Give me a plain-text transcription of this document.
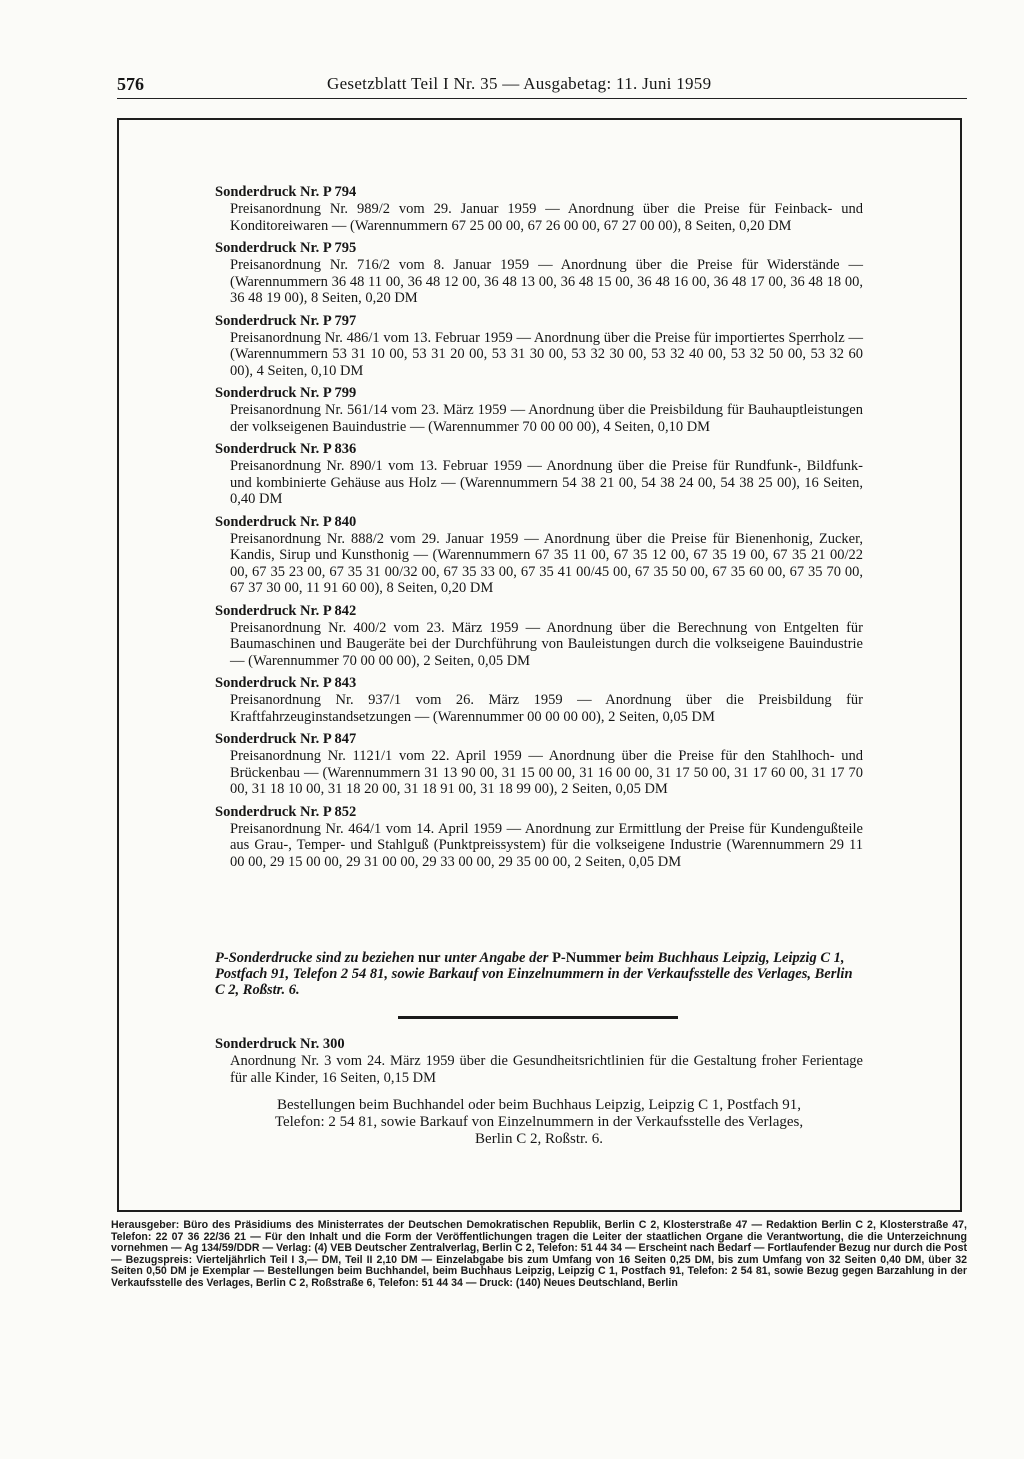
576	Gesetzblatt Teil I Nr. 35 — Ausgabetag: 11. Juni 1959
Sonderdruck Nr. P 794
Preisanordnung Nr. 989/2 vom 29. Januar 1959 — Anordnung über die Preise für Feinback- und Konditoreiwaren — (Warennummern 67 25 00 00, 67 26 00 00, 67 27 00 00), 8 Seiten, 0,20 DM
Sonderdruck Nr. P 795
Preisanordnung Nr. 716/2 vom 8. Januar 1959 — Anordnung über die Preise für Widerstände — (Warennummern 36 48 11 00, 36 48 12 00, 36 48 13 00, 36 48 15 00, 36 48 16 00, 36 48 17 00, 36 48 18 00, 36 48 19 00), 8 Seiten, 0,20 DM
Sonderdruck Nr. P 797
Preisanordnung Nr. 486/1 vom 13. Februar 1959 — Anordnung über die Preise für importiertes Sperrholz — (Warennummern 53 31 10 00, 53 31 20 00, 53 31 30 00, 53 32 30 00, 53 32 40 00, 53 32 50 00, 53 32 60 00), 4 Seiten, 0,10 DM
Sonderdruck Nr. P 799
Preisanordnung Nr. 561/14 vom 23. März 1959 — Anordnung über die Preisbildung für Bauhauptleistungen der volkseigenen Bauindustrie — (Warennummer 70 00 00 00), 4 Seiten, 0,10 DM
Sonderdruck Nr. P 836
Preisanordnung Nr. 890/1 vom 13. Februar 1959 — Anordnung über die Preise für Rundfunk-, Bildfunk- und kombinierte Gehäuse aus Holz — (Warennummern 54 38 21 00, 54 38 24 00, 54 38 25 00), 16 Seiten, 0,40 DM
Sonderdruck Nr. P 840
Preisanordnung Nr. 888/2 vom 29. Januar 1959 — Anordnung über die Preise für Bienenhonig, Zucker, Kandis, Sirup und Kunsthonig — (Warennummern 67 35 11 00, 67 35 12 00, 67 35 19 00, 67 35 21 00/22 00, 67 35 23 00, 67 35 31 00/32 00, 67 35 33 00, 67 35 41 00/45 00, 67 35 50 00, 67 35 60 00, 67 35 70 00, 67 37 30 00, 11 91 60 00), 8 Seiten, 0,20 DM
Sonderdruck Nr. P 842
Preisanordnung Nr. 400/2 vom 23. März 1959 — Anordnung über die Berechnung von Entgelten für Baumaschinen und Baugeräte bei der Durchführung von Bauleistungen durch die volkseigene Bauindustrie — (Warennummer 70 00 00 00), 2 Seiten, 0,05 DM
Sonderdruck Nr. P 843
Preisanordnung Nr. 937/1 vom 26. März 1959 — Anordnung über die Preisbildung für Kraftfahrzeuginstandsetzungen — (Warennummer 00 00 00 00), 2 Seiten, 0,05 DM
Sonderdruck Nr. P 847
Preisanordnung Nr. 1121/1 vom 22. April 1959 — Anordnung über die Preise für den Stahlhoch- und Brückenbau — (Warennummern 31 13 90 00, 31 15 00 00, 31 16 00 00, 31 17 50 00, 31 17 60 00, 31 17 70 00, 31 18 10 00, 31 18 20 00, 31 18 91 00, 31 18 99 00), 2 Seiten, 0,05 DM
Sonderdruck Nr. P 852
Preisanordnung Nr. 464/1 vom 14. April 1959 — Anordnung zur Ermittlung der Preise für Kundengußteile aus Grau-, Temper- und Stahlguß (Punktpreissystem) für die volkseigene Industrie (Warennummern 29 11 00 00, 29 15 00 00, 29 31 00 00, 29 33 00 00, 29 35 00 00, 2 Seiten, 0,05 DM
P-Sonderdrucke sind zu beziehen nur unter Angabe der P-Nummer beim Buchhaus Leipzig, Leipzig C 1, Postfach 91, Telefon 2 54 81, sowie Barkauf von Einzelnummern in der Verkaufsstelle des Verlages, Berlin C 2, Roßstr. 6.
Sonderdruck Nr. 300
Anordnung Nr. 3 vom 24. März 1959 über die Gesundheitsrichtlinien für die Gestaltung froher Ferientage für alle Kinder, 16 Seiten, 0,15 DM
Bestellungen beim Buchhandel oder beim Buchhaus Leipzig, Leipzig C 1, Postfach 91,
Telefon: 2 54 81, sowie Barkauf von Einzelnummern in der Verkaufsstelle des Verlages,
Berlin C 2, Roßstr. 6.
Herausgeber: Büro des Präsidiums des Ministerrates der Deutschen Demokratischen Republik, Berlin C 2, Klosterstraße 47 — Redaktion Berlin C 2, Klosterstraße 47, Telefon: 22 07 36 22/36 21 — Für den Inhalt und die Form der Veröffentlichungen tragen die Leiter der staatlichen Organe die Verantwortung, die die Unterzeichnung vornehmen — Ag 134/59/DDR — Verlag: (4) VEB Deutscher Zentralverlag, Berlin C 2, Telefon: 51 44 34 — Erscheint nach Bedarf — Fortlaufender Bezug nur durch die Post — Bezugspreis: Vierteljährlich Teil I 3,— DM, Teil II 2,10 DM — Einzelabgabe bis zum Umfang von 16 Seiten 0,25 DM, bis zum Umfang von 32 Seiten 0,40 DM, über 32 Seiten 0,50 DM je Exemplar — Bestellungen beim Buchhandel, beim Buchhaus Leipzig, Leipzig C 1, Postfach 91, Telefon: 2 54 81, sowie Bezug gegen Barzahlung in der Verkaufsstelle des Verlages, Berlin C 2, Roßstraße 6, Telefon: 51 44 34 — Druck: (140) Neues Deutschland, Berlin
